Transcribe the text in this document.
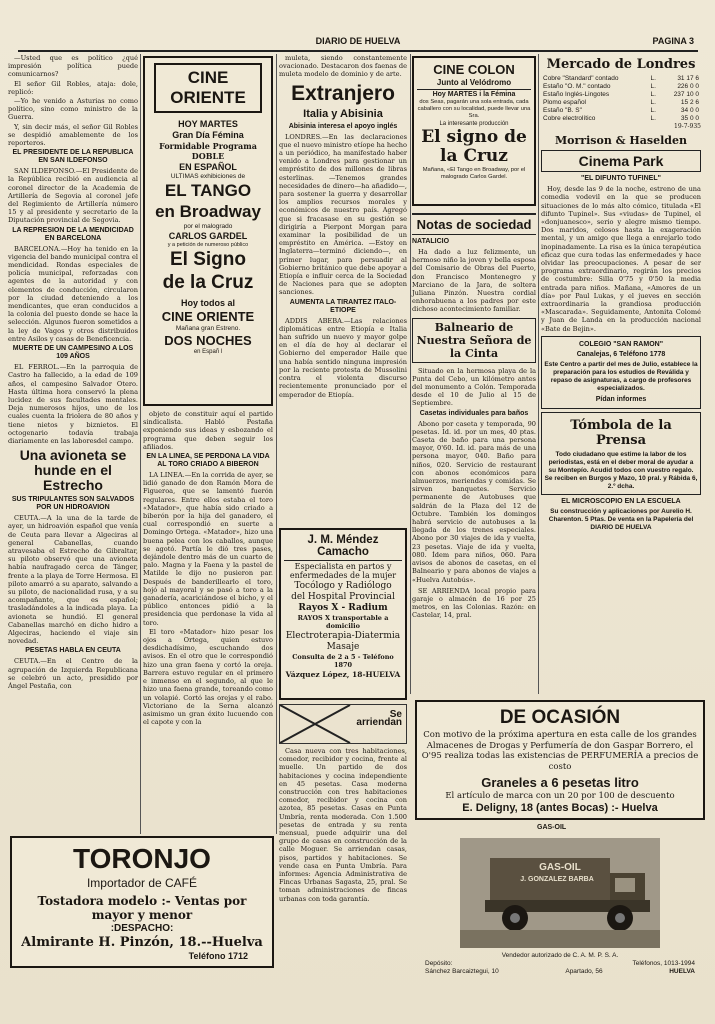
DIARIO DE HUELVA	PAGINA 3

—Usted que es político ¿qué impresión política puede comunicarnos?

El señor Gil Robles, ataja: dole, replicó:

—Yo he venido a Asturias no como político, sino como ministro de la Guerra.

Y, sin decir más, el señor Gil Robles se despidió amablemente de los reporteros.

EL PRESIDENTE DE LA REPUBLICA EN SAN ILDEFONSO

SAN ILDEFONSO.—El Presidente de la República recibió en audiencia al coronel director de la Academia de Artillería de Segovia al coronel jefe del Regimiento de Artillería número 15 y al presidente y secretario de la Diputación provincial de Segovia.

LA REPRESION DE LA MENDICIDAD EN BARCELONA

BARCELONA.—Hoy ha tenido en la vigencia del bando municipal contra el mendicidad. Rondas especiales de policía municipal, reforzadas con agentes de la autoridad y con elementos de conducción, circularon por la ciudad deteniendo a los mendicantes, que eran conducidos a la colonia del puesto donde se hace la selección. Algunos fueron sometidos a la ley de Vagos y otros distribuidos entre Asilos y casas de Beneficencia.

MUERTE DE UN CAMPESINO A LOS 109 AÑOS

EL FERROL.—En la parroquia de Castro ha fallecido, a la edad de 109 años, el campesino Salvador Otero. Hasta última hora conservó la plena lucidez de sus facultades mentales. Deja numerosos hijos, uno de los cuales cuenta la friolera de 80 años y tiene nietos y biznietos. El octogenario todavía trabaja diariamente en las laboresdel campo.

Una avioneta se hunde en el Estrecho
SUS TRIPULANTES SON SALVADOS POR UN HIDROAVION

CEUTA.—A la una de la tarde de ayer, un hidroavión español que venía de Ceuta para llevar a Algeciras al general Cabanellas, cuando atravesaba el Estrecho de Gibraltar, su piloto observó que una avioneta había naufragado cerca de Tánger, frente a la playa de Torre Hermosa. El piloto amarró a su aparato, salvando a su piloto, de nacionalidad rusa, y a su acompañante, que es español; trasladándoles a la indicada playa. La avioneta se hundió. El general Cabanellas marchó en dicho hidro a Algeciras, haciendo el viaje sin novedad.

PESETAS HABLA EN CEUTA

CEUTA.—En el Centro de la agrupación de Izquierda Republicana se celebró un acto, presidido por Ángel Pestaña, con

CINE ORIENTE
HOY MARTES
Gran Día Fémina
Formidable Programa DOBLE
EN ESPAÑOL
ULTIMAS exhibiciones de
EL TANGO
en Broadway
por el malogrado
CARLOS GARDEL
y a petición de numeroso público
El Signo
de la Cruz
Hoy todos al
CINE ORIENTE
Mañana gran Estreno.
DOS NOCHES
en Españ l

objeto de constituir aquí el partido sindicalista. Habló Pestaña exponiendo sus ideas y esbozando el programa que deben seguir los afiliados.

EN LA LINEA, SE PERDONA LA VIDA AL TORO CRIADO A BIBERON

LA LINEA.—En la corrida de ayer, se lidió ganado de don Ramón Mora de Figueroa, que se lamentó fuerón regulares. Entre ellos estaba el toro «Matador», que había sido criado a biberón por la hija del ganadero, el cual correspondió en suerte a Domingo Ortega. «Matador», hizo una buena pelea con los caballos, aunque se agotó. Partía le dió tres pases, dejándole dentro más de un cuarto de palo. Magna y la Faena y la pastel de Matilde le dijo no pusieron par. Después de banderillearlo el toro, hojó al mayoral y se pasó a toro a la ganadería, acariciándose el bicho, y el público entonces pidió a la presidencia que perdonase la vida al toro.

El toro «Matador» hizo pesar los ojos a Ortega, quien estuvo desdichadísimo, escuchando dos avisos. En el otro que le correspondió hizo una gran faena y cortó la oreja. Barrera estuvo regular en el primero e inmenso en el segundo, al que le hizo una faena grande, toreando como un volapié. Cortó las orejas y el rabo. Victoriano de la Serna alcanzó asimismo un gran éxito lucuendo con el capote y con la

muleta, siendo constantemente ovacionado. Destacaron dos faenas de muleta modelo de dominio y de arte.

Extranjero
Italia y Abisinia
Abisinia interesa el apoyo inglés

LONDRES.—En las declaraciones que el nuevo ministro etíope ha hecho a un periódico, ha manifestado haber venido a Londres para gestionar un empréstito de dos millones de libras esterlinas. —Tenemos grandes necesidades de dinero—ha añadido—, para sostener la guerra y desarrollar los amplios recursos morales y económicos de nuestro país. Agregó que si fracasase en su gestión se dirigiría a Pierpont Morgan para examinar la posibilidad de un empréstito en América. —Estoy en Inglaterra—terminó diciendo—, en primer lugar, para persuadir al Gobierno británico que debe apoyar a Etiopía e influir cerca de la Sociedad de Naciones para que se adopten sanciones.

AUMENTA LA TIRANTEZ ITALO-ETIOPE

ADDIS ABEBA.—Las relaciones diplomáticas entre Etiopía e Italia han sufrido un nuevo y mayor golpe en el día de hoy al declarar el Gobierno del emperador Haile que una había sentido ninguna impresión por la reciente protesta de Mussolini contra el violenta discurso recientemente pronunciado por el emperador de Etiopía.

J. M. Méndez Camacho
Especialista en partos y enfermedades de la mujer
Tocólogo y Radiólogo
del Hospital Provincial
Rayos X - Radium
RAYOS X transportable a domicilio
Electroterapia-Diatermia
Masaje
Consulta de 2 a 5 - Teléfono 1870
Vázquez López, 18-HUELVA
Se arriendan

Casa nueva con tres habitaciones, comedor, recibidor y cocina, frente al muelle. Un partido de dos habitaciones y cocina independiente en 45 pesetas. Casa moderna construcción con tres habitaciones comedor, recibidor y cocina con azotea, 85 pesetas. Casas en Punta Umbría, renta moderada. Con 1.500 pesetas de entrada y su renta mensual, puede adquirir una del grupo de casas en construcción de la calle Moguer. Se arriendan casas, pisos, partidos y habitaciones. Se vende casa en Punta Umbría. Para informes: Agencia Administrativa de Fincas Urbanas Sagasta, 25, pral. Se toman administraciones de fincas urbanas con toda garantía.

CINE COLON
Junto al Velódromo
Hoy MARTES i la Fémina
dos Seas, pagarán una sola entrada, cada caballero con su localidad, puede llevar una Sra.
La interesante producción
El signo de la Cruz
Mañana, «El Tango en Broadway, por el malogrado Carlos Gardel.
Notas de sociedad
NATALICIO

Ha dado a luz felizmente, un hermoso niño la joven y bella esposa del Comisario de Obras del Puerto, don Francisco Montenegro y Marciano de la Jara, de soltera Juliana Pinzón. Nuestra cordial enhorabuena a los padres por este dichoso acontecimiento familiar.

Balneario de Nuestra Señora de la Cinta

Situado en la hermosa playa de la Punta del Cebo, un kilómetro antes del monumento a Colón. Temporada desde el 10 de Julio al 15 de Septiembre.

Casetas individuales para baños

Abono por caseta y temporada, 90 pesetas. Id. id. por un mes, 40 ptas. Caseta de baño para una persona mayor, 0'60. Id. id. para más de una persona mayor, 040. Baño para niños, 020. Servicio de restaurant con abonos económicos para almuerzos, meriendas y comidas. Se sirven banquetes. Servicio permanente de Autobuses que saldrán de la Plaza del 12 de Octubre. También los domingos habrá servicio de autobuses a la llegada de los trenes especiales. Abono por 30 viajes de ida y vuelta, 23 pesetas. Viaje de ida y vuelta, 080. Ídem para niños, 060. Para avisos de abonos de casetas, en el Balneario y para abonos de viajes a «Huelva Autobús».

SE ARRIENDA local propio para garaje o almacén de 16 por 25 metros, en las Colonias. Razón: en Castelar, 14, pral.

Mercado de Londres
Cobre "Standard" contado	L.	31 17 6
Estaño "O. M." contado	L.	226 0 0
Estaño Inglés-Lingotes	L.	237 10 0
Plomo español	L.	15 2 6
Estaño "B. S"	L.	34 0 0
Cobre electrolítico	L.	35 0 0
19-7-935
Morrison & Haselden
Cinema Park
"EL DIFUNTO TUFINEL"

Hoy, desde las 9 de la noche, estreno de una comedia vodevil en la que se producen situaciones de lo más alto cómico, titulada «El difunto Tupinel». Sus «viudas» de Tupinel, el «donjuanesco», serio y alegre mismo tiempo. Dos maridos, celosos hasta la exageración mental, y un amigo que llega a enrejarlo todo inopinadamente. La risa es la única terapéutica eficaz que cura todas las enfermedades y hace olvidar las preocupaciones. A pesar de ser programa extraordinario, regirán los precios de costumbre: Silla 0'75 y 0'50 la media entrada para niños. Mañana, «Amores de un día» por Paul Lukas, y el jueves en sección extraordinaria la grandiosa producción «Mascarada». Seguidamente, Antonita Colomé y Juan de Landa en la producción nacional «Bate de Bejin».

COLEGIO "SAN RAMON"
Canalejas, 6 Teléfono 1778
Este Centro a partir del mes de Julio, establece la preparación para los estudios de Reválida y repaso de asignaturas, a cargo de profesores especializados.
Pídan informes
Tómbola de la Prensa
Todo ciudadano que estime la labor de los periodistas, está en el deber moral de ayudar a su Montepío. Acudid todos con vuestro regalo. Se reciben en Burgos y Mazo, 10 pral. y Rábida 6, 2.º dcha.
EL MICROSCOPIO EN LA ESCUELA
Su construcción y aplicaciones por Aurelio H. Charenton. 5 Ptas. De venta en la Papelería del DIARIO DE HUELVA
DE OCASIÓN
Con motivo de la próxima apertura en esta calle de los grandes Almacenes de Drogas y Perfumería de don Gaspar Borrero, el O'95 realiza todas las existencias de PERFUMERÍA a precios de costo
Graneles a 6 pesetas litro
El artículo de marca con un 20 por 100 de descuento
E. Deligny, 18 (antes Bocas) :- Huelva
TORONJO
Importador de CAFÉ
Tostadora modelo :- Ventas por mayor y menor
:DESPACHO:
Almirante H. Pinzón, 18.--Huelva
Teléfono 1712
GAS-OIL
GAS-OIL
J. GONZALEZ BARBA
Vendedor autorizado de C. A. M. P. S. A.
Depósito:	Teléfonos, 1013-1994
Sánchez Barcaiztegui, 10	Apartado, 56	HUELVA
